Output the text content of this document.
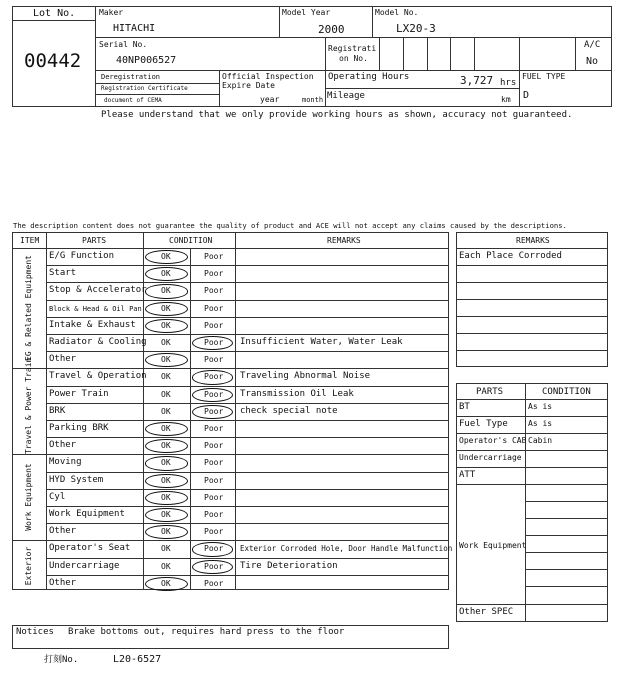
Lot No.
00442
Maker
HITACHI
Model Year
2000
Model No.
LX20-3
Serial No.
40NP006527
Registrati
on No.
A/C
No
Deregistration
Registration Certificate
document of CEMA
Official Inspection
Expire Date
year	month
Operating Hours	3,727 hrs
Mileage	km
FUEL TYPE
D
Please understand that we only provide working hours as shown, accuracy not guaranteed.
The description content does not guarantee the quality of product and ACE will not accept any claims caused by the descriptions.
ITEM	PARTS	CONDITION	REMARKS
E/G Function	OK	Poor
Start	OK	Poor
Stop & Accelerator OK	Poor
Block & Head & Oil Pan OK	Poor
Intake & Exhaust	OK	Poor
Radiator & Cooling OK	Poor Insufficient Water, Water Leak
Other	OK	Poor
EG & Related Equipment
Travel & Operation OK	Poor Traveling Abnormal Noise
Power Train	OK	Poor Transmission Oil Leak
BRK	OK	Poor check special note
Parking BRK	OK	Poor
Other	OK	Poor
Travel & Power Train
Moving	OK	Poor
HYD System	OK	Poor
Cyl	OK	Poor
Work Equipment	OK	Poor
Other	OK	Poor
Work Equipment
Operator's Seat	OK	Poor Exterior Corroded Hole, Door Handle Malfunction
Undercarriage	OK	Poor Tire Deterioration
Other	OK	Poor
Exterior
REMARKS
Each Place Corroded
PARTS	CONDITION
BT	As is
Fuel Type	As is
Operator's CAB Cabin
Undercarriage
ATT
Work Equipment
Other SPEC
Notices Brake bottoms out, requires hard press to the floor
打刻No.	L20-6527
